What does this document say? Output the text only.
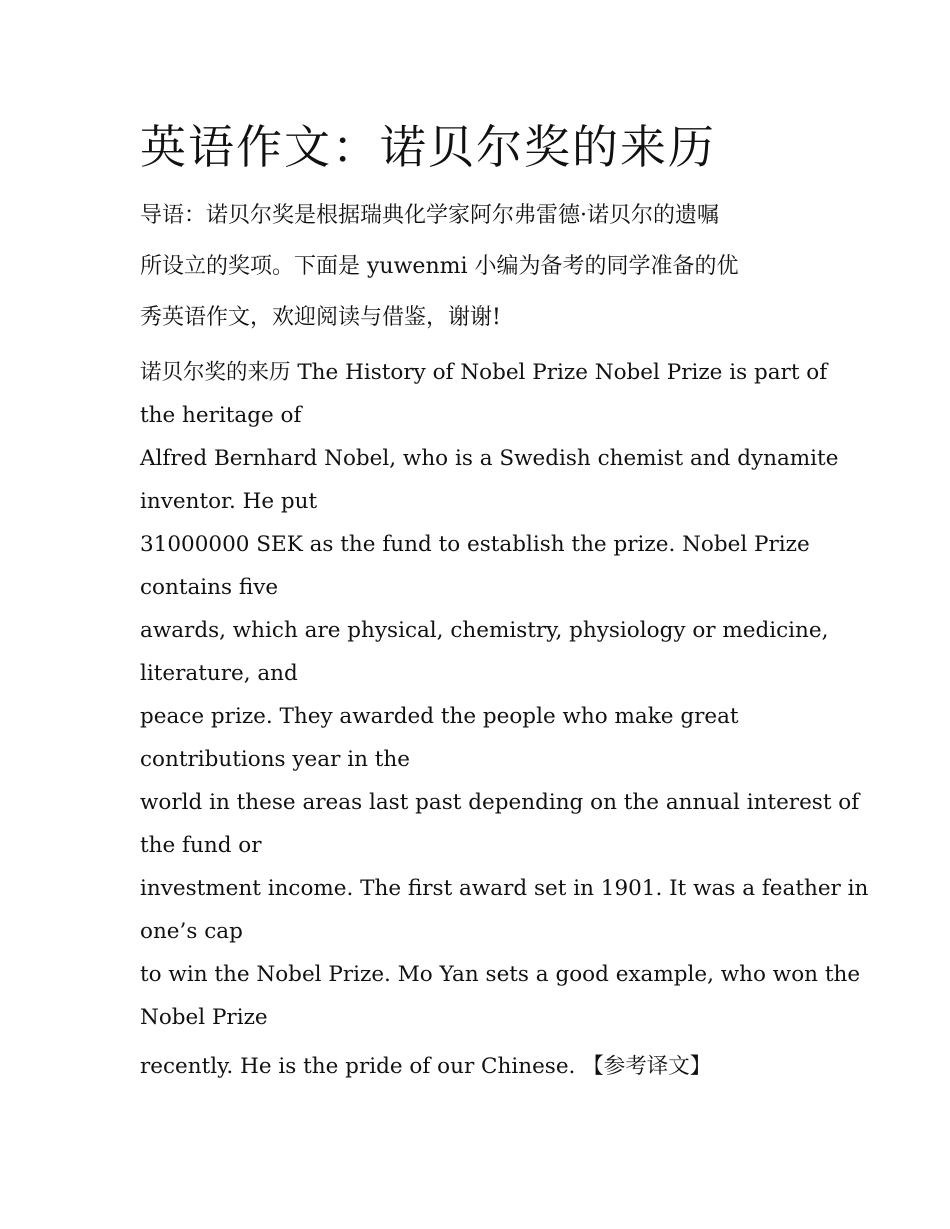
英语作文：诺贝尔奖的来历
导语：诺贝尔奖是根据瑞典化学家阿尔弗雷德·诺贝尔的遗嘱
所设立的奖项。下面是 yuwenmi 小编为备考的同学准备的优
秀英语作文，欢迎阅读与借鉴，谢谢!
诺贝尔奖的来历 The History of Nobel Prize Nobel Prize is part of
the heritage of
Alfred Bernhard Nobel, who is a Swedish chemist and dynamite
inventor. He put
31000000 SEK as the fund to establish the prize. Nobel Prize
contains five
awards, which are physical, chemistry, physiology or medicine,
literature, and
peace prize. They awarded the people who make great
contributions year in the
world in these areas last past depending on the annual interest of
the fund or
investment income. The first award set in 1901. It was a feather in
one’s cap
to win the Nobel Prize. Mo Yan sets a good example, who won the
Nobel Prize
recently. He is the pride of our Chinese. 【参考译文】
